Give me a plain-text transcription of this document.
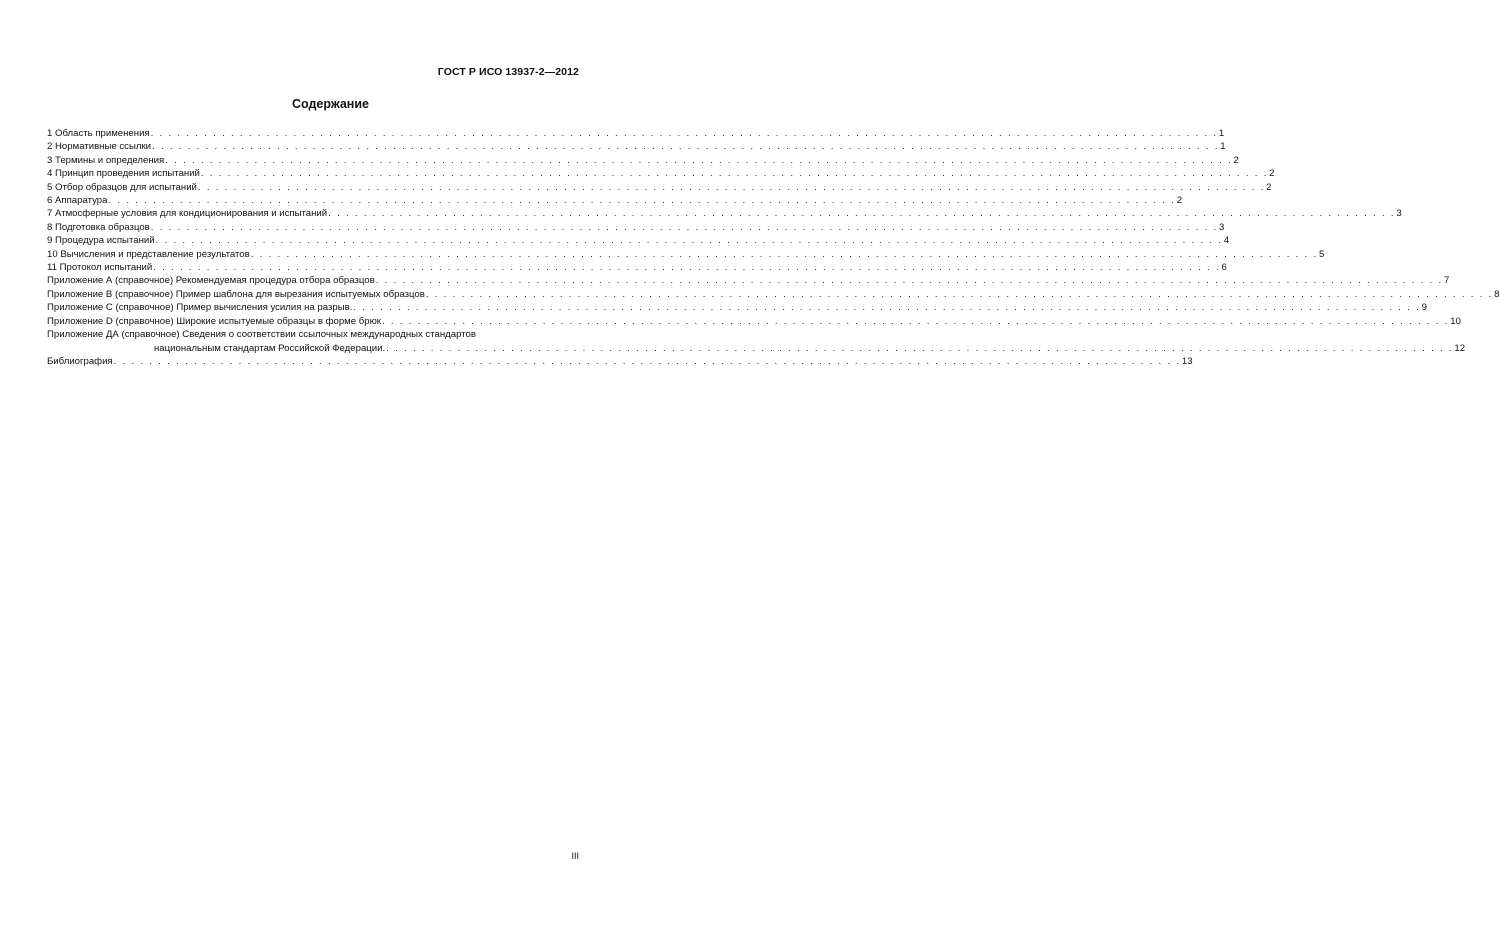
ГОСТ Р ИСО 13937-2—2012
Содержание
1 Область применения . . . . . . . . . . . . . . . . . . . . . . . . . . . . . . . . . . . . . . . . . . . . . . . . . . . . . . . . . . . . . . . . . . . . . . . . . . . . . . . . . . . . . . . . . . . . . . . . . . . . . . . . . . . . . . . . . . . . . . . . 1
2 Нормативные ссылки . . . . . . . . . . . . . . . . . . . . . . . . . . . . . . . . . . . . . . . . . . . . . . . . . . . . . . . . . . . . . . . . . . . . . . . . . . . . . . . . . . . . . . . . . . . . . . . . . . . . . . . . . . . . . . . . . . . . . . . . 1
3 Термины и определения . . . . . . . . . . . . . . . . . . . . . . . . . . . . . . . . . . . . . . . . . . . . . . . . . . . . . . . . . . . . . . . . . . . . . . . . . . . . . . . . . . . . . . . . . . . . . . . . . . . . . . . . . . . . . . . . . . . . . . . . 2
4 Принцип проведения испытаний . . . . . . . . . . . . . . . . . . . . . . . . . . . . . . . . . . . . . . . . . . . . . . . . . . . . . . . . . . . . . . . . . . . . . . . . . . . . . . . . . . . . . . . . . . . . . . . . . . . . . . . . . . . . . . . . . . . . . . . . 2
5 Отбор образцов для испытаний . . . . . . . . . . . . . . . . . . . . . . . . . . . . . . . . . . . . . . . . . . . . . . . . . . . . . . . . . . . . . . . . . . . . . . . . . . . . . . . . . . . . . . . . . . . . . . . . . . . . . . . . . . . . . . . . . . . . . . . . 2
6 Аппаратура . . . . . . . . . . . . . . . . . . . . . . . . . . . . . . . . . . . . . . . . . . . . . . . . . . . . . . . . . . . . . . . . . . . . . . . . . . . . . . . . . . . . . . . . . . . . . . . . . . . . . . . . . . . . . . . . . . . . . . . . 2
7 Атмосферные условия для кондиционирования и испытаний . . . . . . . . . . . . . . . . . . . . . . . . . . . . . . . . . . . . . . . . . . . . . . . . . . . . . . . . . . . . . . . . . . . . . . . . . . . . . . . . . . . . . . . . . . . . . . . . . . . . . . . . . . . . . . . . . . . . . . . . 3
8 Подготовка образцов . . . . . . . . . . . . . . . . . . . . . . . . . . . . . . . . . . . . . . . . . . . . . . . . . . . . . . . . . . . . . . . . . . . . . . . . . . . . . . . . . . . . . . . . . . . . . . . . . . . . . . . . . . . . . . . . . . . . . . . . 3
9 Процедура испытаний . . . . . . . . . . . . . . . . . . . . . . . . . . . . . . . . . . . . . . . . . . . . . . . . . . . . . . . . . . . . . . . . . . . . . . . . . . . . . . . . . . . . . . . . . . . . . . . . . . . . . . . . . . . . . . . . . . . . . . . . 4
10 Вычисления и представление результатов . . . . . . . . . . . . . . . . . . . . . . . . . . . . . . . . . . . . . . . . . . . . . . . . . . . . . . . . . . . . . . . . . . . . . . . . . . . . . . . . . . . . . . . . . . . . . . . . . . . . . . . . . . . . . . . . . . . . . . . . 5
11 Протокол испытаний . . . . . . . . . . . . . . . . . . . . . . . . . . . . . . . . . . . . . . . . . . . . . . . . . . . . . . . . . . . . . . . . . . . . . . . . . . . . . . . . . . . . . . . . . . . . . . . . . . . . . . . . . . . . . . . . . . . . . . . . 6
Приложение А (справочное) Рекомендуемая процедура отбора образцов . . . . . . . . . . . . . . . . . . . . . . . . . . . . . . . . . . . . . . . . . . . . . . . . . . . . . . . . . . . . . . . . . . . . . . . . . . . . . . . . . . . . . . . . . . . . . . . . . . . . . . . . . . . . . . . . . . . . . . . . 7
Приложение В (справочное) Пример шаблона для вырезания испытуемых образцов . . . . . . . . . . . . . . . . . . . . . . . . . . . . . . . . . . . . . . . . . . . . . . . . . . . . . . . . . . . . . . . . . . . . . . . . . . . . . . . . . . . . . . . . . . . . . . . . . . . . . . . . . . . . . . . . . . . . . . . . 8
Приложение С (справочное) Пример вычисления усилия на разрыв. . . . . . . . . . . . . . . . . . . . . . . . . . . . . . . . . . . . . . . . . . . . . . . . . . . . . . . . . . . . . . . . . . . . . . . . . . . . . . . . . . . . . . . . . . . . . . . . . . . . . . . . . . . . . . . . . . . . . . . . . 9
Приложение D (справочное) Широкие испытуемые образцы в форме брюк . . . . . . . . . . . . . . . . . . . . . . . . . . . . . . . . . . . . . . . . . . . . . . . . . . . . . . . . . . . . . . . . . . . . . . . . . . . . . . . . . . . . . . . . . . . . . . . . . . . . . . . . . . . . . . . . . . . . . . . . 10
Приложение ДА (справочное) Сведения о соответствии ссылочных международных стандартов
национальным стандартам Российской Федерации. . . . . . . . . . . . . . . . . . . . . . . . . . . . . . . . . . . . . . . . . . . . . . . . . . . . . . . . . . . . . . . . . . . . . . . . . . . . . . . . . . . . . . . . . . . . . . . . . . . . . . . . . . . . . . . . . . . . . . . . . 12
Библиография . . . . . . . . . . . . . . . . . . . . . . . . . . . . . . . . . . . . . . . . . . . . . . . . . . . . . . . . . . . . . . . . . . . . . . . . . . . . . . . . . . . . . . . . . . . . . . . . . . . . . . . . . . . . . . . . . . . . . . . . 13
III
